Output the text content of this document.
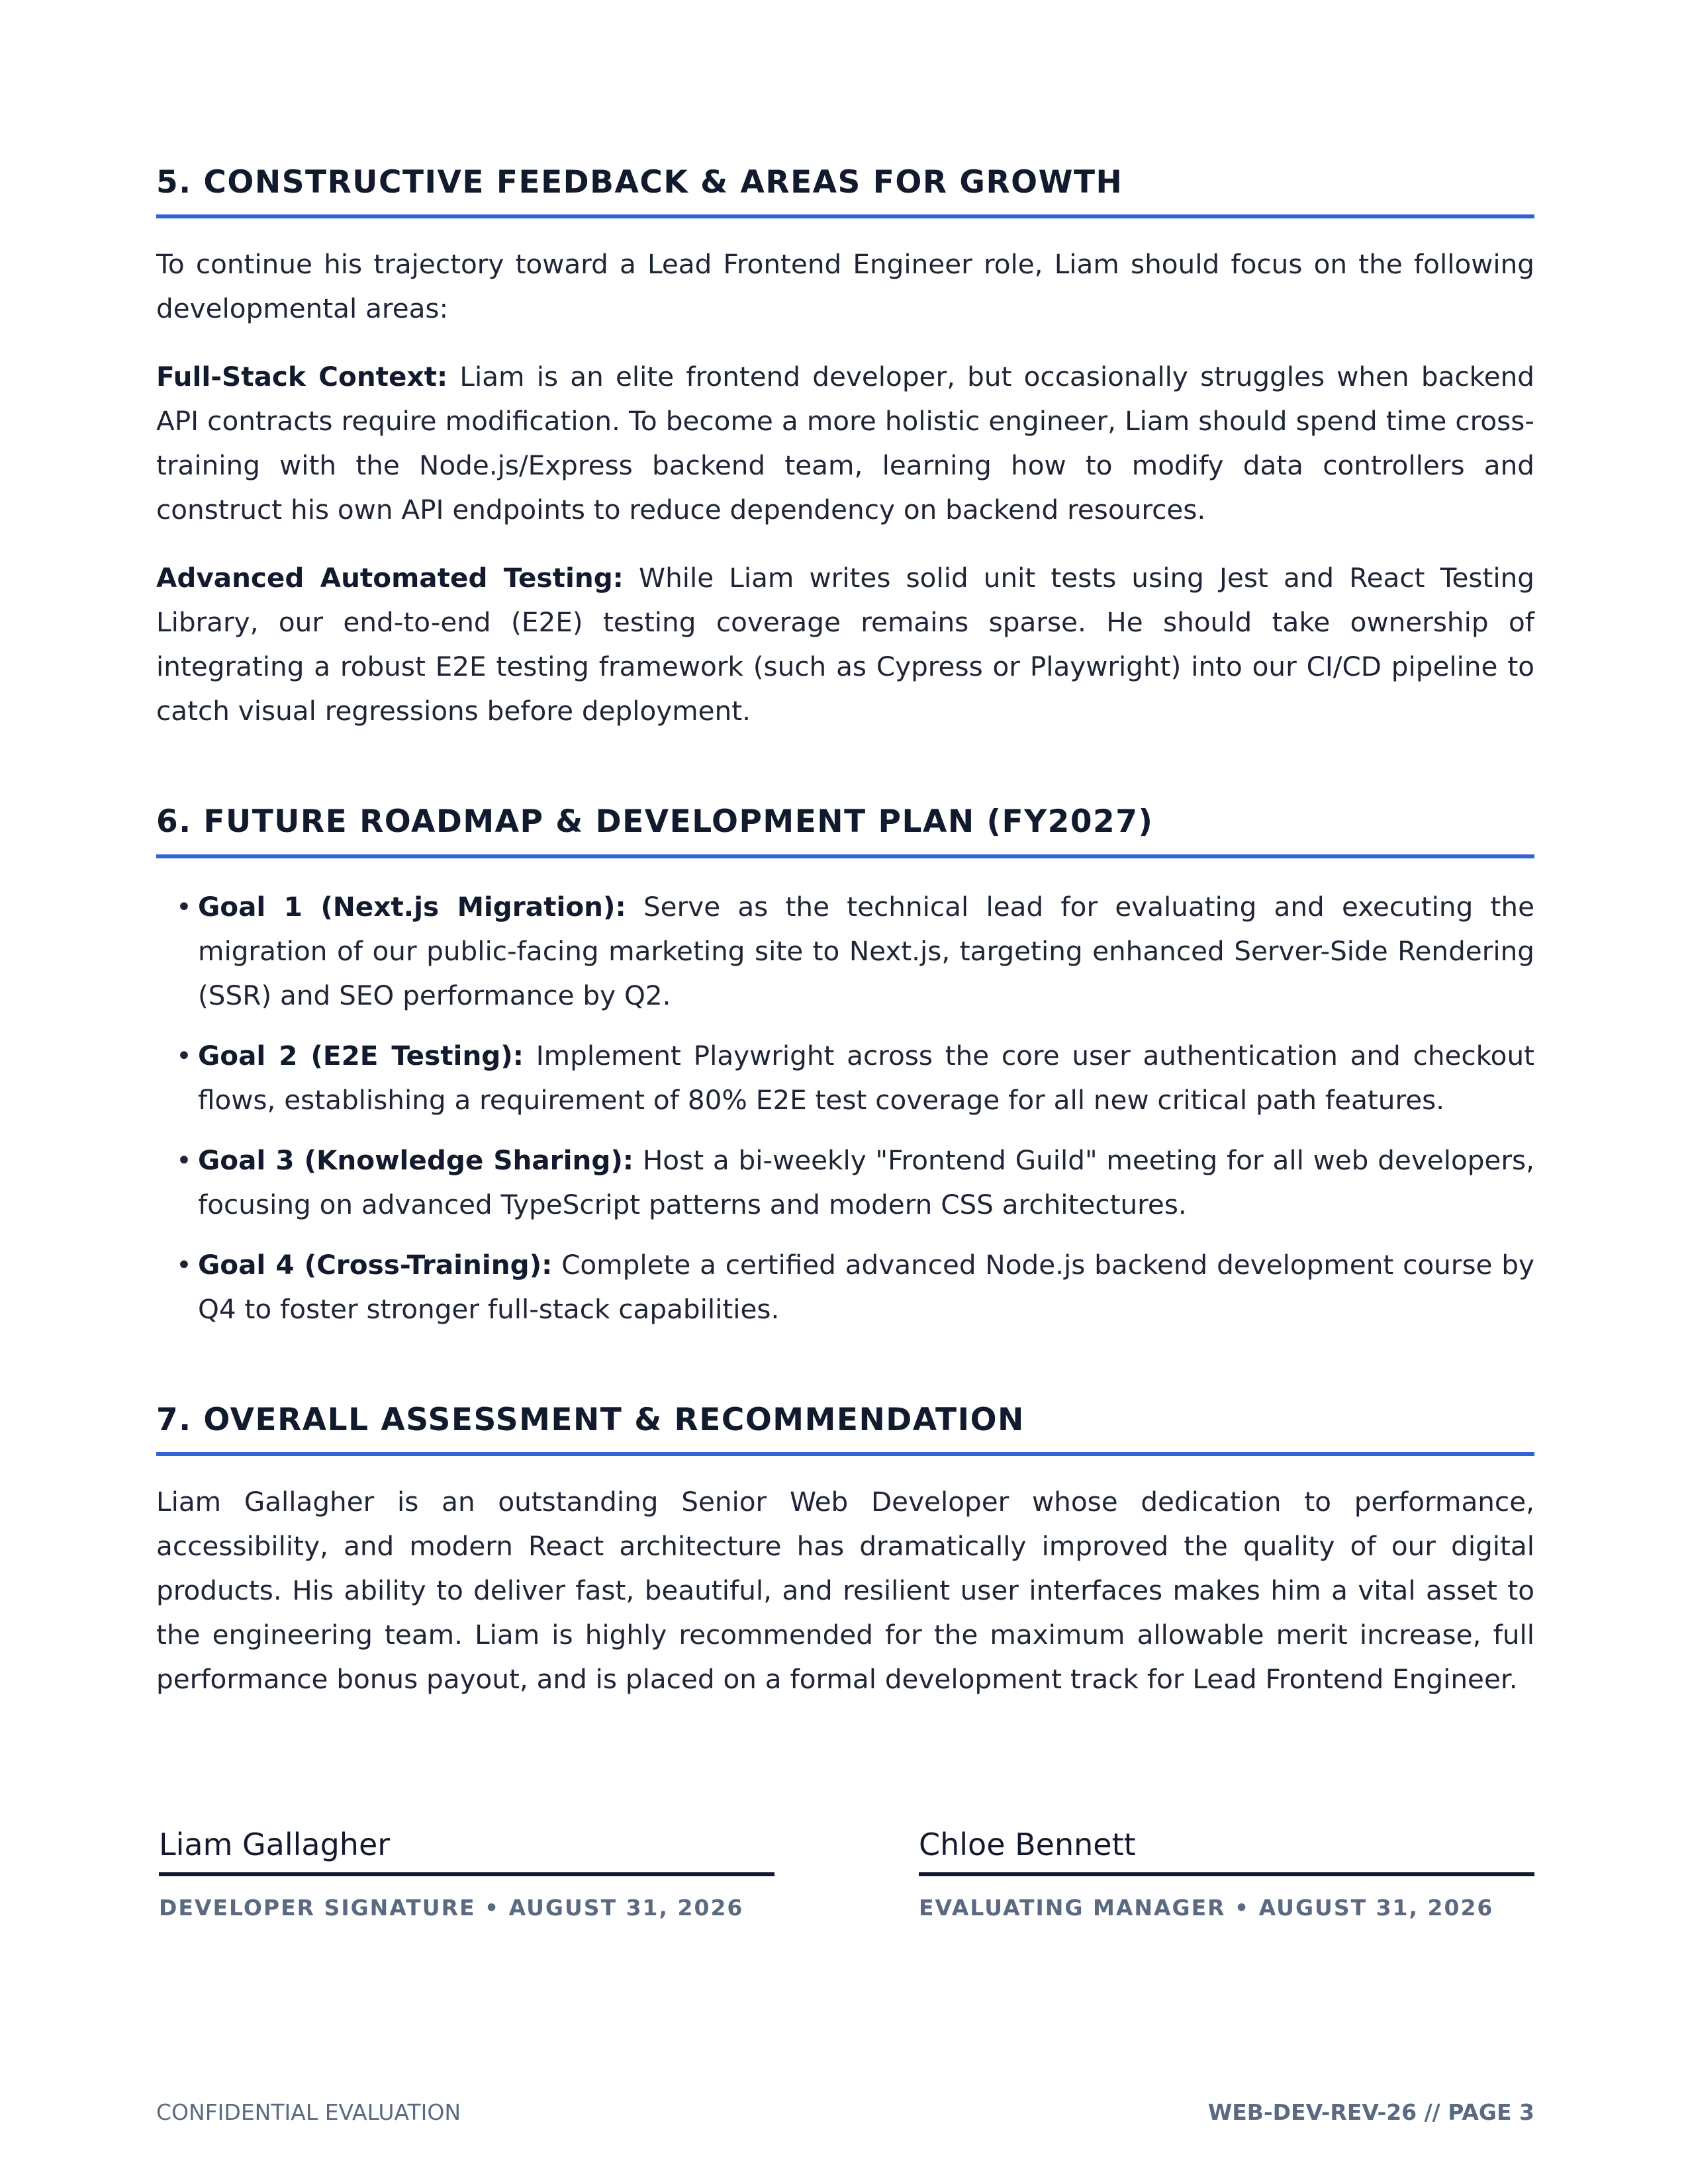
5. CONSTRUCTIVE FEEDBACK & AREAS FOR GROWTH

To continue his trajectory toward a Lead Frontend Engineer role, Liam should focus on the following developmental areas:

Full-Stack Context: Liam is an elite frontend developer, but occasionally struggles when backend API contracts require modification. To become a more holistic engineer, Liam should spend time cross-training with the Node.js/Express backend team, learning how to modify data controllers and construct his own API endpoints to reduce dependency on backend resources.

Advanced Automated Testing: While Liam writes solid unit tests using Jest and React Testing Library, our end-to-end (E2E) testing coverage remains sparse. He should take ownership of integrating a robust E2E testing framework (such as Cypress or Playwright) into our CI/CD pipeline to catch visual regressions before deployment.

6. FUTURE ROADMAP & DEVELOPMENT PLAN (FY2027)
• Goal 1 (Next.js Migration): Serve as the technical lead for evaluating and executing the migration of our public-facing marketing site to Next.js, targeting enhanced Server-Side Rendering (SSR) and SEO performance by Q2.
• Goal 2 (E2E Testing): Implement Playwright across the core user authentication and checkout flows, establishing a requirement of 80% E2E test coverage for all new critical path features.
• Goal 3 (Knowledge Sharing): Host a bi-weekly "Frontend Guild" meeting for all web developers, focusing on advanced TypeScript patterns and modern CSS architectures.
• Goal 4 (Cross-Training): Complete a certified advanced Node.js backend development course by Q4 to foster stronger full-stack capabilities.
7. OVERALL ASSESSMENT & RECOMMENDATION

Liam Gallagher is an outstanding Senior Web Developer whose dedication to performance, accessibility, and modern React architecture has dramatically improved the quality of our digital products. His ability to deliver fast, beautiful, and resilient user interfaces makes him a vital asset to the engineering team. Liam is highly recommended for the maximum allowable merit increase, full performance bonus payout, and is placed on a formal development track for Lead Frontend Engineer.

Liam Gallagher
DEVELOPER SIGNATURE • AUGUST 31, 2026
Chloe Bennett
EVALUATING MANAGER • AUGUST 31, 2026
CONFIDENTIAL EVALUATION	WEB-DEV-REV-26 // PAGE 3
